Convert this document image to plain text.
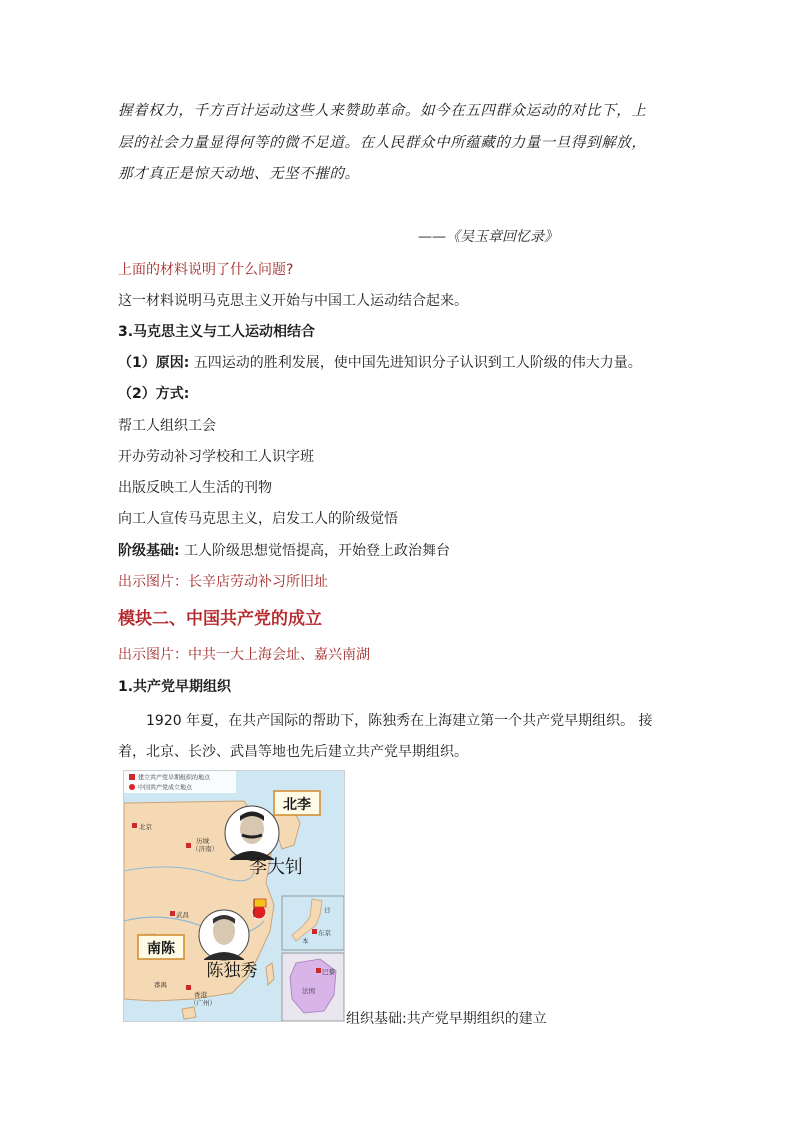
握着权力，千方百计运动这些人来赞助革命。如今在五四群众运动的对比下，上

层的社会力量显得何等的微不足道。在人民群众中所蕴藏的力量一旦得到解放，

那才真正是惊天动地、无坚不摧的。

——《吴玉章回忆录》
上面的材料说明了什么问题?
这一材料说明马克思主义开始与中国工人运动结合起来。
3.马克思主义与工人运动相结合
（1）原因: 五四运动的胜利发展，使中国先进知识分子认识到工人阶级的伟大力量。
（2）方式:
帮工人组织工会
开办劳动补习学校和工人识字班
出版反映工人生活的刊物
向工人宣传马克思主义，启发工人的阶级觉悟
阶级基础: 工人阶级思想觉悟提高，开始登上政治舞台
出示图片：长辛店劳动补习所旧址
模块二、中国共产党的成立
出示图片：中共一大上海会址、嘉兴南湖
1.共产党早期组织

1920 年夏，在共产国际的帮助下，陈独秀在上海建立第一个共产党早期组织。 接

着，北京、长沙、武昌等地也先后建立共产党早期组织。

建立共产党早期组织的地点
中国共产党成立地点
北京
历城
（济南）
武昌
番禺
香港
（广州）
东京
日
本
巴黎
法国
北李
李大钊
南陈
陈独秀
组织基础:共产党早期组织的建立
